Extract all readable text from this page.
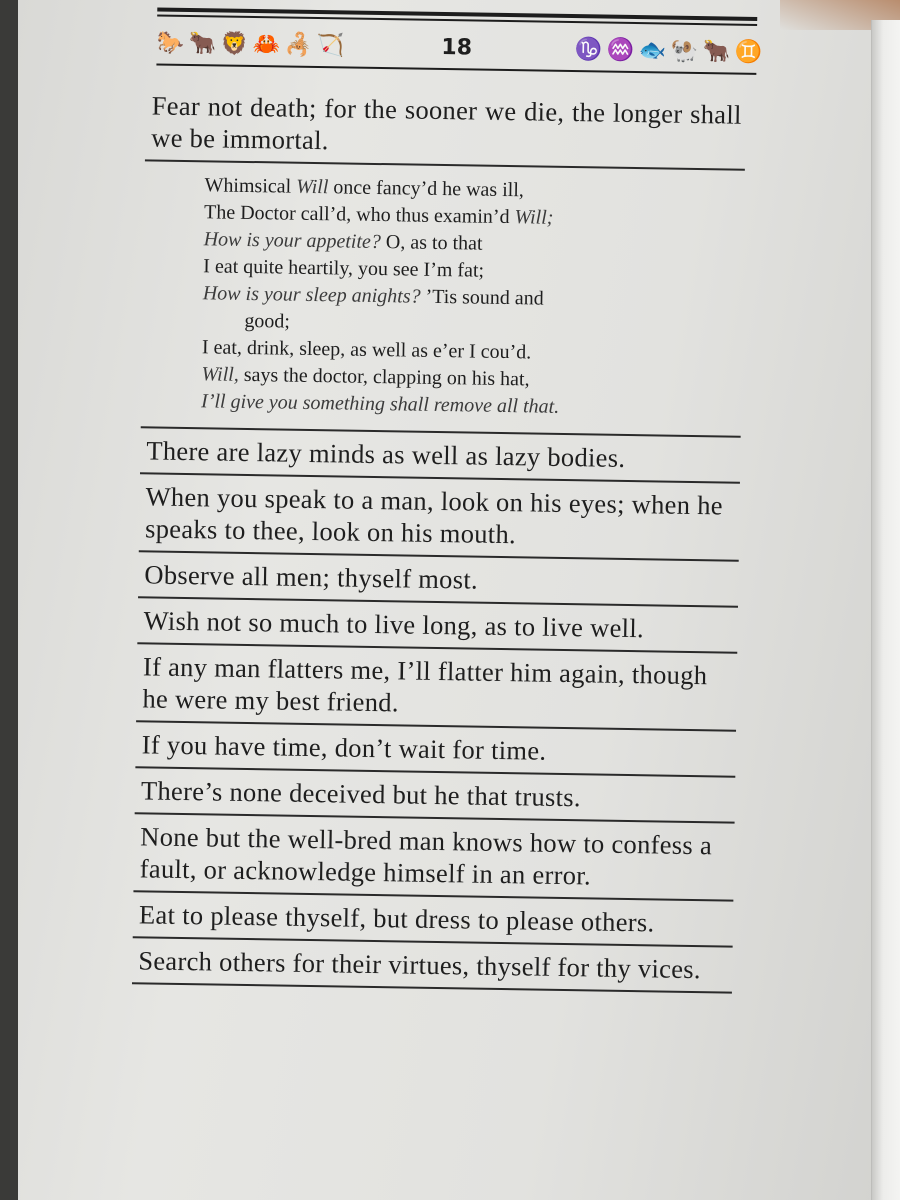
🐎 🐂 🦁 🦀 🦂 🏹	18	♑ ♒ 🐟 🐏 🐂 ♊
Fear not death; for the sooner we die, the longer shall we be immortal.
Whimsical Will once fancy’d he was ill,
The Doctor call’d, who thus examin’d Will;
How is your appetite? O, as to that
I eat quite heartily, you see I’m fat;
How is your sleep anights? ’Tis sound and
good;
I eat, drink, sleep, as well as e’er I cou’d.
Will, says the doctor, clapping on his hat,
I’ll give you something shall remove all that.
There are lazy minds as well as lazy bodies.
When you speak to a man, look on his eyes; when he speaks to thee, look on his mouth.
Observe all men; thyself most.
Wish not so much to live long, as to live well.
If any man flatters me, I’ll flatter him again, though he were my best friend.
If you have time, don’t wait for time.
There’s none deceived but he that trusts.
None but the well-bred man knows how to confess a fault, or acknowledge himself in an error.
Eat to please thyself, but dress to please others.
Search others for their virtues, thyself for thy vices.
